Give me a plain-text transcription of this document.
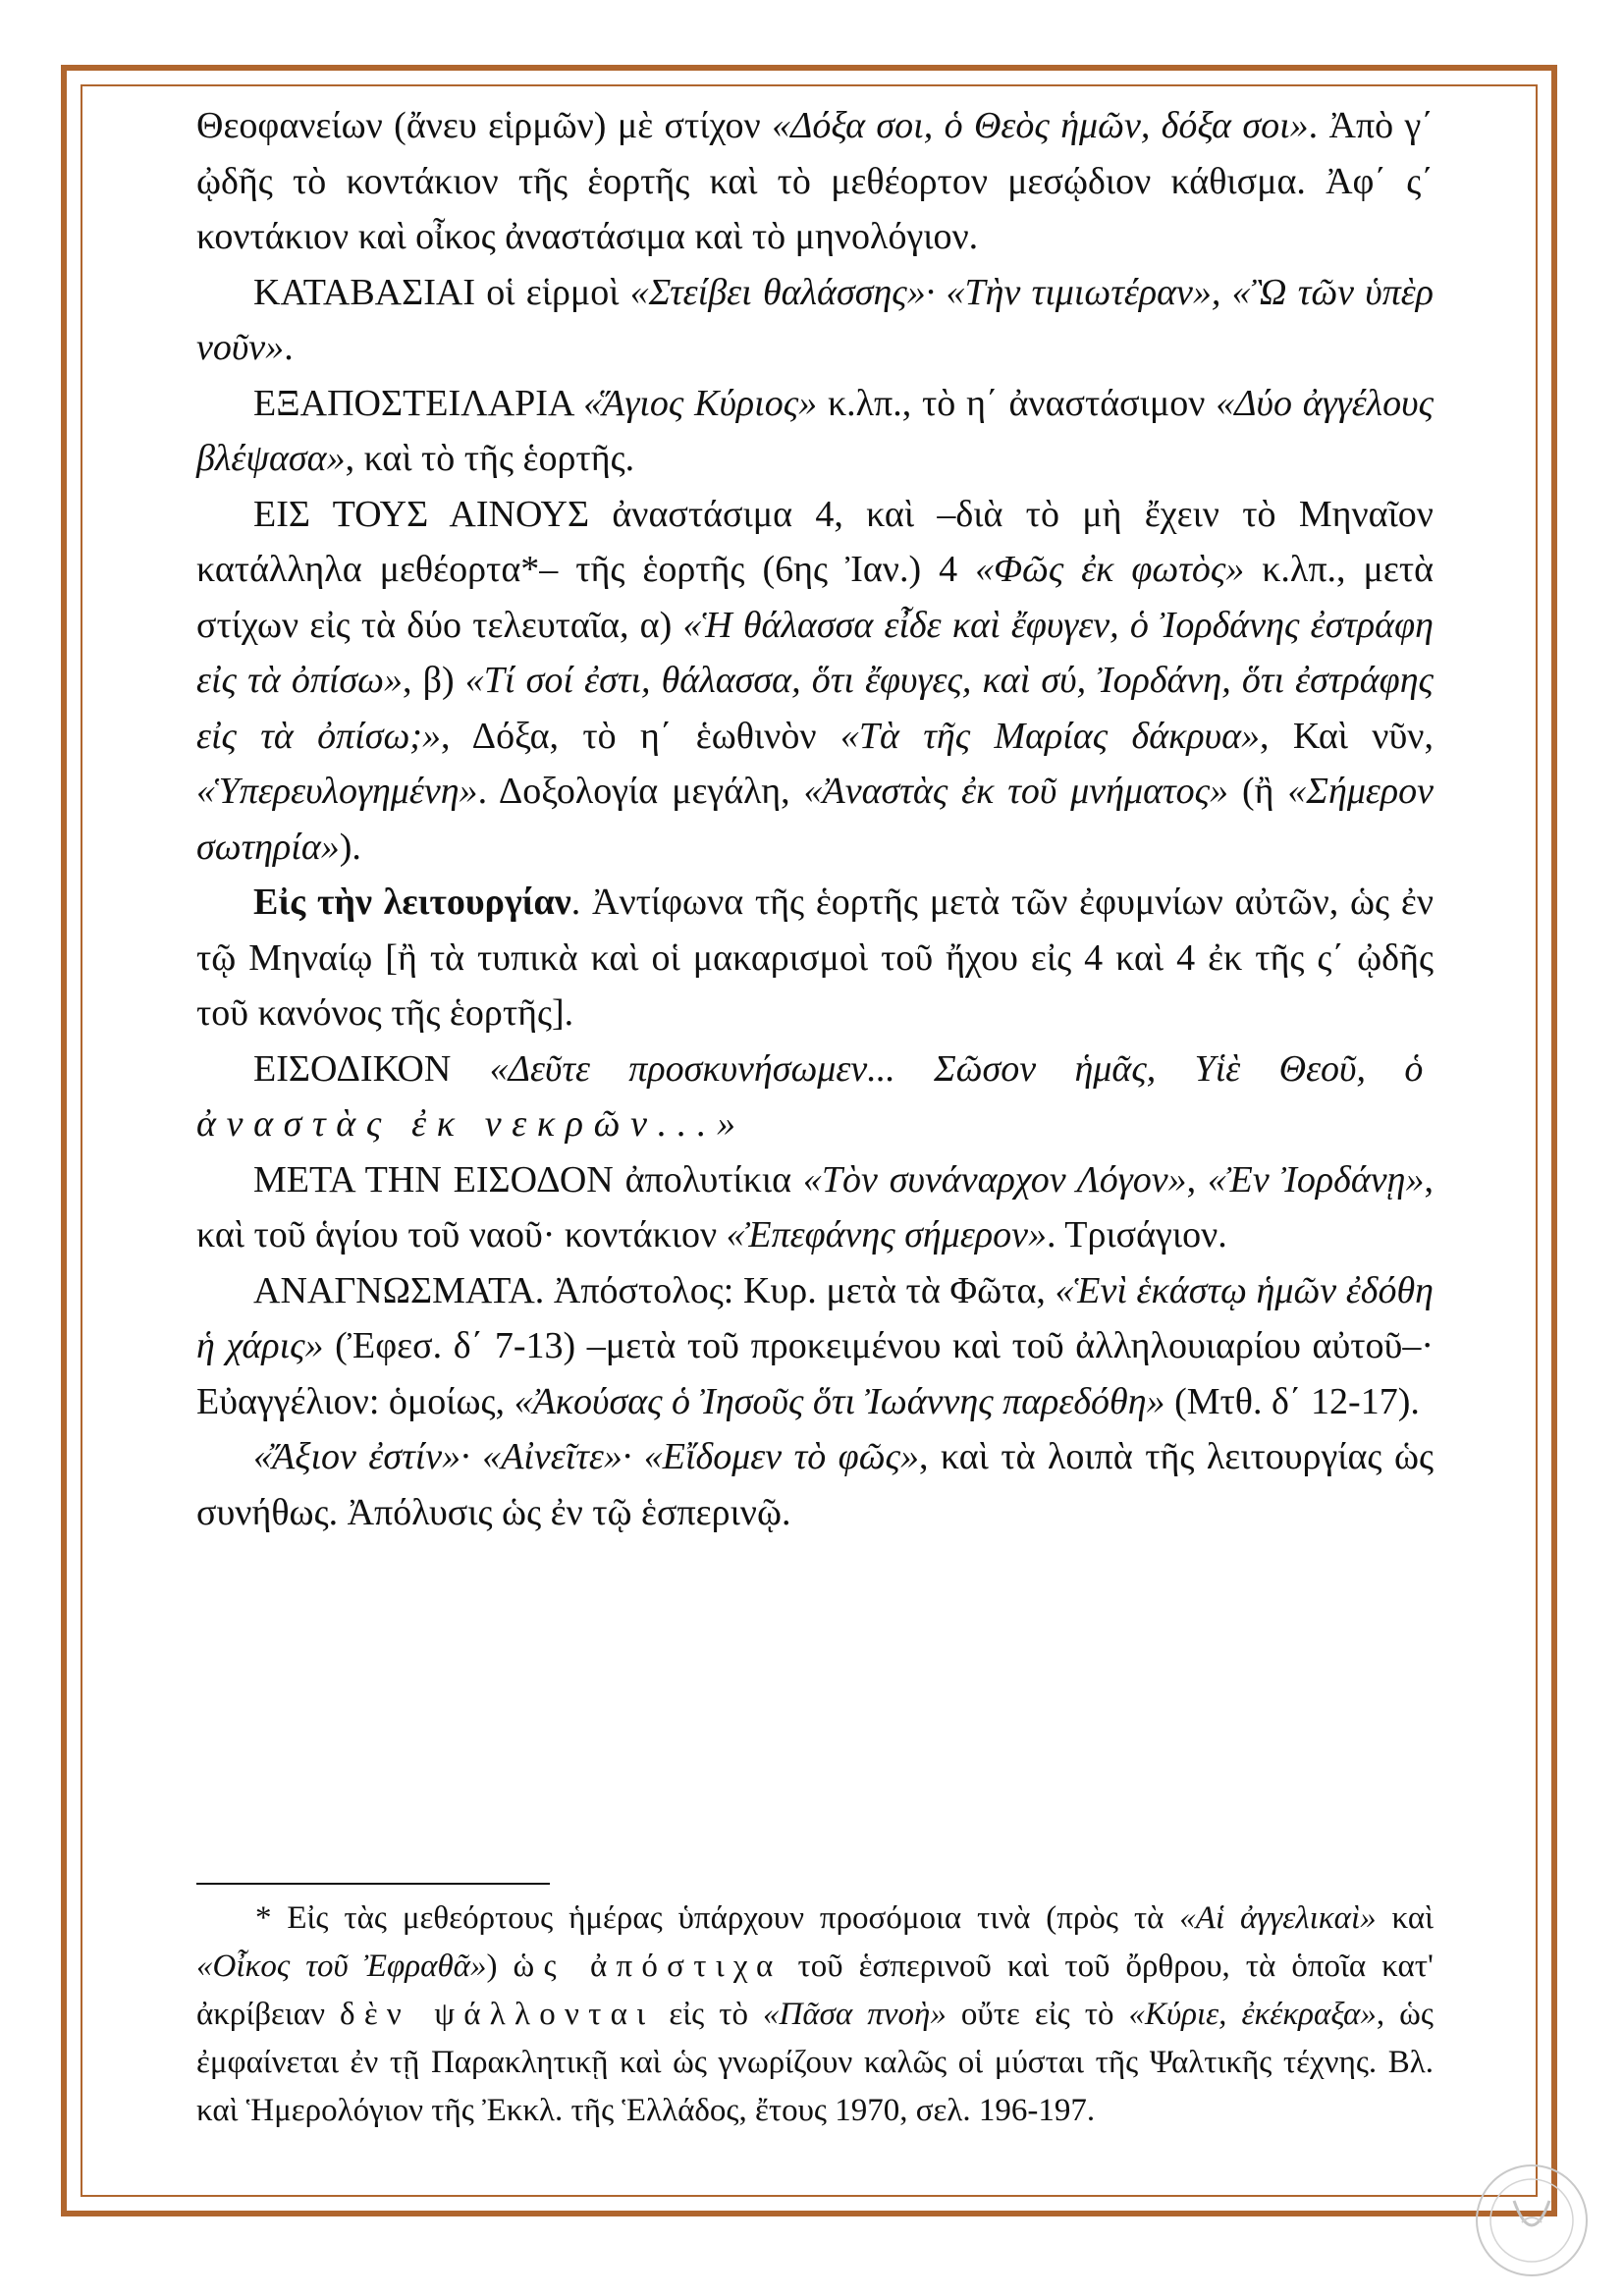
Θεοφανείων (ἄνευ εἱρμῶν) μὲ στίχον «Δόξα σοι, ὁ Θεὸς ἡμῶν, δόξα σοι». Ἀπὸ γ΄ ᾠδῆς τὸ κοντάκιον τῆς ἑορτῆς καὶ τὸ μεθέορτον μεσῴδιον κάθισμα. Ἀφ΄ ς΄ κοντάκιον καὶ οἶκος ἀναστάσιμα καὶ τὸ μηνολόγιον.

ΚΑΤΑΒΑΣΙΑΙ οἱ εἱρμοὶ «Στείβει θαλάσσης»· «Τὴν τιμιωτέραν», «Ὢ τῶν ὑπὲρ νοῦν».

ΕΞΑΠΟΣΤΕΙΛΑΡΙΑ «Ἅγιος Κύριος» κ.λπ., τὸ η΄ ἀναστάσιμον «Δύο ἀγγέλους βλέψασα», καὶ τὸ τῆς ἑορτῆς.

ΕΙΣ ΤΟΥΣ ΑΙΝΟΥΣ ἀναστάσιμα 4, καὶ –διὰ τὸ μὴ ἔχειν τὸ Μηναῖον κατάλληλα μεθέορτα*– τῆς ἑορτῆς (6ης Ἰαν.) 4 «Φῶς ἐκ φωτὸς» κ.λπ., μετὰ στίχων εἰς τὰ δύο τελευταῖα, α) «Ἡ θάλασσα εἶδε καὶ ἔφυγεν, ὁ Ἰορδάνης ἐστράφη εἰς τὰ ὀπίσω», β) «Τί σοί ἐστι, θάλασσα, ὅτι ἔφυγες, καὶ σύ, Ἰορδάνη, ὅτι ἐστράφης εἰς τὰ ὀπίσω;», Δόξα, τὸ η΄ ἑωθινὸν «Τὰ τῆς Μαρίας δάκρυα», Καὶ νῦν, «Ὑπερευλογημένη». Δοξολογία μεγάλη, «Ἀναστὰς ἐκ τοῦ μνήματος» (ἢ «Σήμερον σωτηρία»).

Εἰς τὴν λειτουργίαν. Ἀντίφωνα τῆς ἑορτῆς μετὰ τῶν ἐφυμνίων αὐτῶν, ὡς ἐν τῷ Μηναίῳ [ἢ τὰ τυπικὰ καὶ οἱ μακαρισμοὶ τοῦ ἤχου εἰς 4 καὶ 4 ἐκ τῆς ς΄ ᾠδῆς τοῦ κανόνος τῆς ἑορτῆς].

ΕΙΣΟΔΙΚΟΝ «Δεῦτε προσκυνήσωμεν... Σῶσον ἡμᾶς, Υἱὲ Θεοῦ, ὁ ἀναστὰς ἐκ νεκρῶν...»

ΜΕΤΑ ΤΗΝ ΕΙΣΟΔΟΝ ἀπολυτίκια «Τὸν συνάναρχον Λόγον», «Ἐν Ἰορδάνῃ», καὶ τοῦ ἁγίου τοῦ ναοῦ· κοντάκιον «Ἐπεφάνης σήμερον». Τρισάγιον.

ΑΝΑΓΝΩΣΜΑΤΑ. Ἀπόστολος: Κυρ. μετὰ τὰ Φῶτα, «Ἑνὶ ἑκάστῳ ἡμῶν ἐδόθη ἡ χάρις» (Ἐφεσ. δ΄ 7-13) –μετὰ τοῦ προκειμένου καὶ τοῦ ἀλληλουιαρίου αὐτοῦ–· Εὐαγγέλιον: ὁμοίως, «Ἀκούσας ὁ Ἰησοῦς ὅτι Ἰωάννης παρεδόθη» (Μτθ. δ΄ 12-17).

«Ἄξιον ἐστίν»· «Αἰνεῖτε»· «Εἴδομεν τὸ φῶς», καὶ τὰ λοιπὰ τῆς λειτουργίας ὡς συνήθως. Ἀπόλυσις ὡς ἐν τῷ ἑσπερινῷ.

* Εἰς τὰς μεθεόρτους ἡμέρας ὑπάρχουν προσόμοια τινὰ (πρὸς τὰ «Αἱ ἀγγελικαὶ» καὶ «Οἶκος τοῦ Ἐφραθᾶ») ὡς ἀπόστιχα τοῦ ἑσπερινοῦ καὶ τοῦ ὄρθρου, τὰ ὁποῖα κατ' ἀκρίβειαν δὲν ψάλλονται εἰς τὸ «Πᾶσα πνοὴ» οὔτε εἰς τὸ «Κύριε, ἐκέκραξα», ὡς ἐμφαίνεται ἐν τῇ Παρακλητικῇ καὶ ὡς γνωρίζουν καλῶς οἱ μύσται τῆς Ψαλτικῆς τέχνης. Βλ. καὶ Ἡμερολόγιον τῆς Ἐκκλ. τῆς Ἑλλάδος, ἔτους 1970, σελ. 196-197.
